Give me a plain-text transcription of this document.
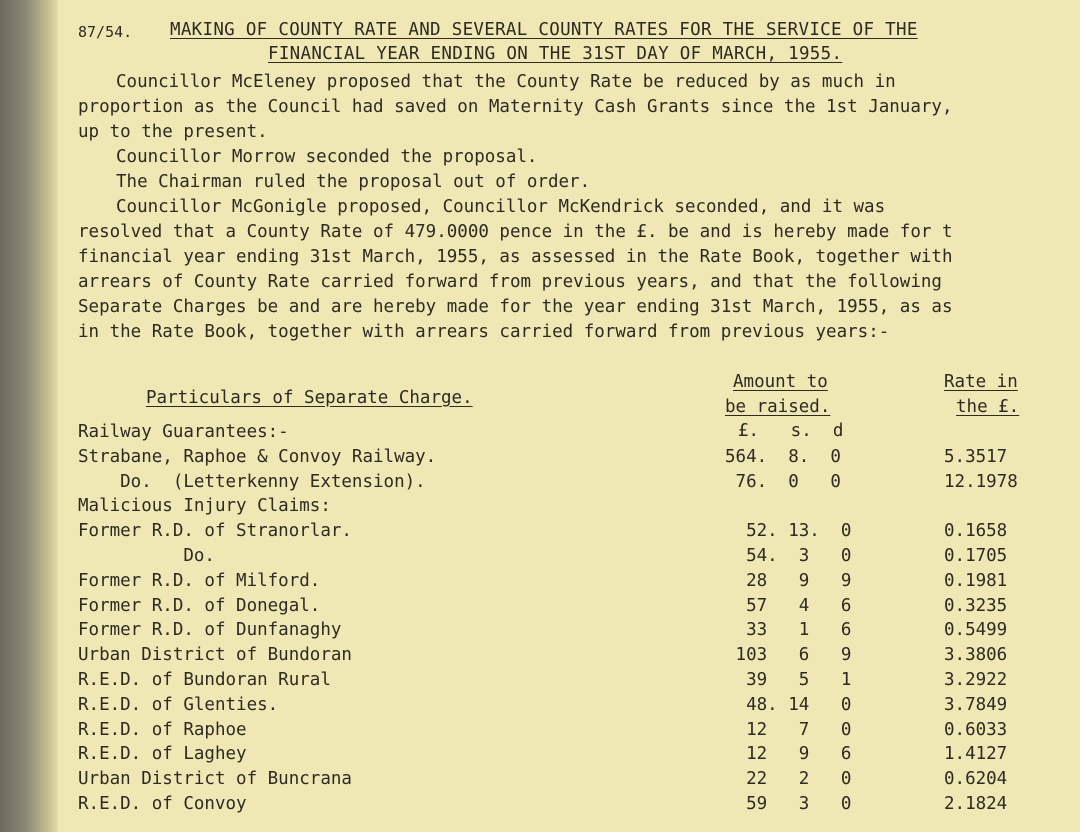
87/54. MAKING OF COUNTY RATE AND SEVERAL COUNTY RATES FOR THE SERVICE OF THE
FINANCIAL YEAR ENDING ON THE 31ST DAY OF MARCH, 1955.
Councillor McEleney proposed that the County Rate be reduced by as much in
proportion as the Council had saved on Maternity Cash Grants since the 1st January,
up to the present.
Councillor Morrow seconded the proposal.
The Chairman ruled the proposal out of order.
Councillor McGonigle proposed, Councillor McKendrick seconded, and it was
resolved that a County Rate of 479.0000 pence in the £. be and is hereby made for t
financial year ending 31st March, 1955, as assessed in the Rate Book, together with
arrears of County Rate carried forward from previous years, and that the following
Separate Charges be and are hereby made for the year ending 31st March, 1955, as as
in the Rate Book, together with arrears carried forward from previous years:-
Particulars of Separate Charge.
Amount to
be raised.
£.   s.  d
Rate in
the £.
Railway Guarantees:-
Strabane, Raphoe & Convoy Railway.	564.  8.  0	5.3517
Do.  (Letterkenny Extension).	76.  0   0	12.1978
Malicious Injury Claims:
Former R.D. of Stranorlar.	52. 13.  0	0.1658
Do.	54.  3   0	0.1705
Former R.D. of Milford.	28   9   9	0.1981
Former R.D. of Donegal.	57   4   6	0.3235
Former R.D. of Dunfanaghy	33   1   6	0.5499
Urban District of Bundoran	103   6   9	3.3806
R.E.D. of Bundoran Rural	39   5   1	3.2922
R.E.D. of Glenties.	48. 14   0	3.7849
R.E.D. of Raphoe	12   7   0	0.6033
R.E.D. of Laghey	12   9   6	1.4127
Urban District of Buncrana	22   2   0	0.6204
R.E.D. of Convoy	59   3   0	2.1824
